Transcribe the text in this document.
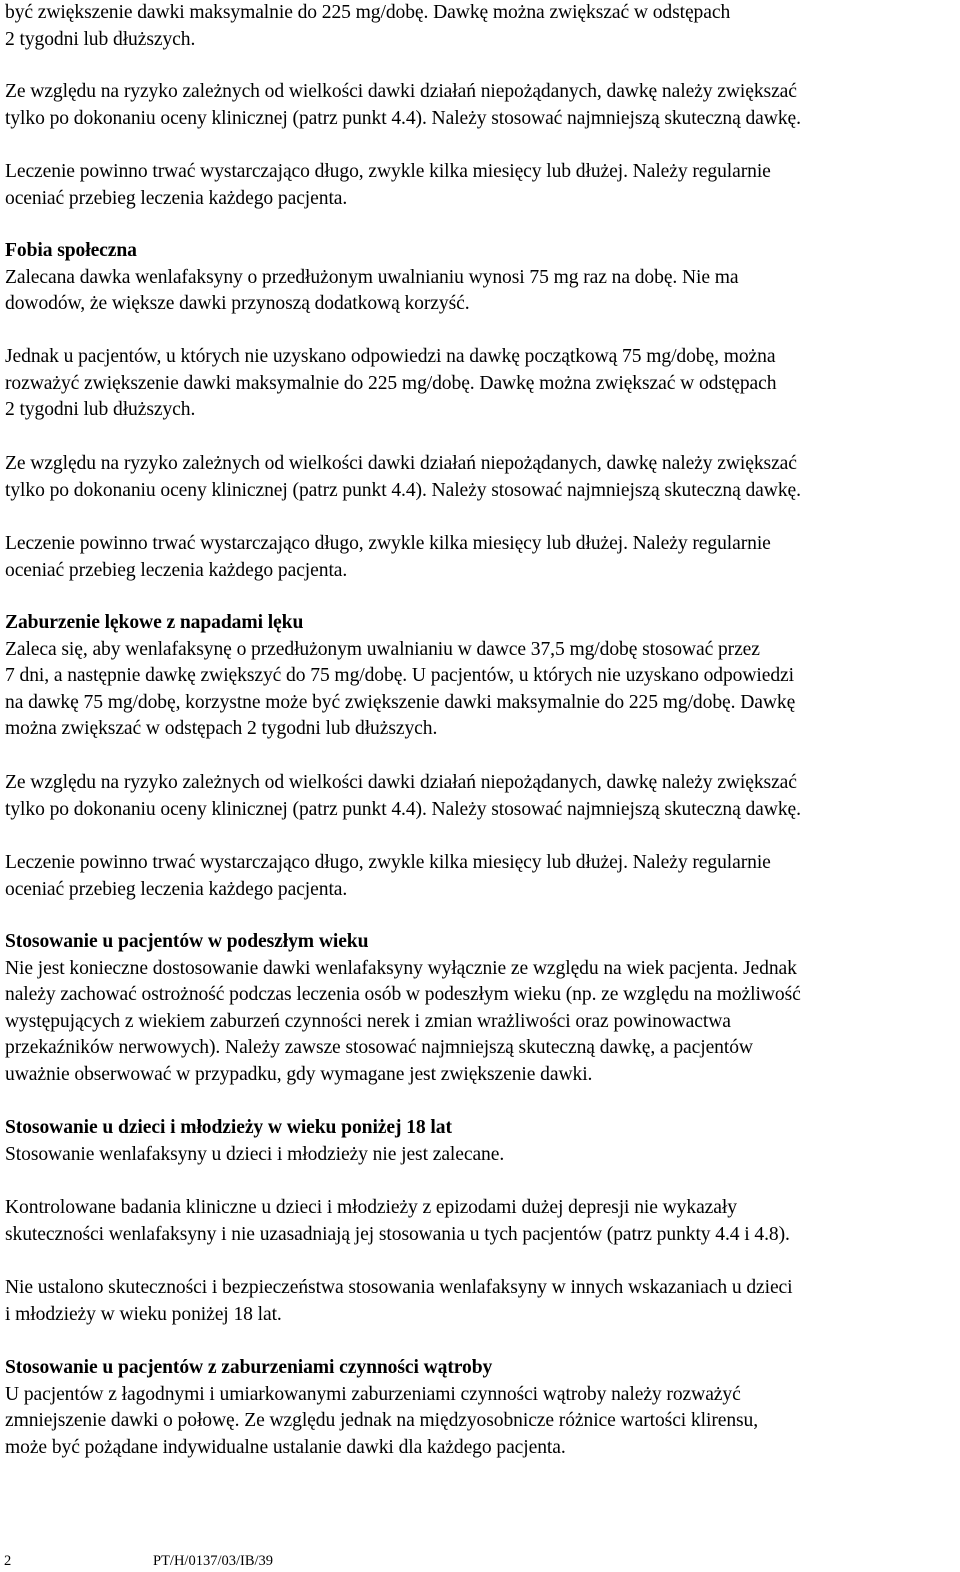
być zwiększenie dawki maksymalnie do 225 mg/dobę. Dawkę można zwiększać w odstępach
2 tygodni lub dłuższych.
Ze względu na ryzyko zależnych od wielkości dawki działań niepożądanych, dawkę należy zwiększać
tylko po dokonaniu oceny klinicznej (patrz punkt 4.4). Należy stosować najmniejszą skuteczną dawkę.
Leczenie powinno trwać wystarczająco długo, zwykle kilka miesięcy lub dłużej. Należy regularnie
oceniać przebieg leczenia każdego pacjenta.
Fobia społeczna
Zalecana dawka wenlafaksyny o przedłużonym uwalnianiu wynosi 75 mg raz na dobę. Nie ma
dowodów, że większe dawki przynoszą dodatkową korzyść.
Jednak u pacjentów, u których nie uzyskano odpowiedzi na dawkę początkową 75 mg/dobę, można
rozważyć zwiększenie dawki maksymalnie do 225 mg/dobę. Dawkę można zwiększać w odstępach
2 tygodni lub dłuższych.
Ze względu na ryzyko zależnych od wielkości dawki działań niepożądanych, dawkę należy zwiększać
tylko po dokonaniu oceny klinicznej (patrz punkt 4.4). Należy stosować najmniejszą skuteczną dawkę.
Leczenie powinno trwać wystarczająco długo, zwykle kilka miesięcy lub dłużej. Należy regularnie
oceniać przebieg leczenia każdego pacjenta.
Zaburzenie lękowe z napadami lęku
Zaleca się, aby wenlafaksynę o przedłużonym uwalnianiu w dawce 37,5 mg/dobę stosować przez
7 dni, a następnie dawkę zwiększyć do 75 mg/dobę. U pacjentów, u których nie uzyskano odpowiedzi
na dawkę 75 mg/dobę, korzystne może być zwiększenie dawki maksymalnie do 225 mg/dobę. Dawkę
można zwiększać w odstępach 2 tygodni lub dłuższych.
Ze względu na ryzyko zależnych od wielkości dawki działań niepożądanych, dawkę należy zwiększać
tylko po dokonaniu oceny klinicznej (patrz punkt 4.4). Należy stosować najmniejszą skuteczną dawkę.
Leczenie powinno trwać wystarczająco długo, zwykle kilka miesięcy lub dłużej. Należy regularnie
oceniać przebieg leczenia każdego pacjenta.
Stosowanie u pacjentów w podeszłym wieku
Nie jest konieczne dostosowanie dawki wenlafaksyny wyłącznie ze względu na wiek pacjenta. Jednak
należy zachować ostrożność podczas leczenia osób w podeszłym wieku (np. ze względu na możliwość
występujących z wiekiem zaburzeń czynności nerek i zmian wrażliwości oraz powinowactwa
przekaźników nerwowych). Należy zawsze stosować najmniejszą skuteczną dawkę, a pacjentów
uważnie obserwować w przypadku, gdy wymagane jest zwiększenie dawki.
Stosowanie u dzieci i młodzieży w wieku poniżej 18 lat
Stosowanie wenlafaksyny u dzieci i młodzieży nie jest zalecane.
Kontrolowane badania kliniczne u dzieci i młodzieży z epizodami dużej depresji nie wykazały
skuteczności wenlafaksyny i nie uzasadniają jej stosowania u tych pacjentów (patrz punkty 4.4 i 4.8).
Nie ustalono skuteczności i bezpieczeństwa stosowania wenlafaksyny w innych wskazaniach u dzieci
i młodzieży w wieku poniżej 18 lat.
Stosowanie u pacjentów z zaburzeniami czynności wątroby
U pacjentów z łagodnymi i umiarkowanymi zaburzeniami czynności wątroby należy rozważyć
zmniejszenie dawki o połowę. Ze względu jednak na międzyosobnicze różnice wartości klirensu,
może być pożądane indywidualne ustalanie dawki dla każdego pacjenta.
2	PT/H/0137/03/IB/39
